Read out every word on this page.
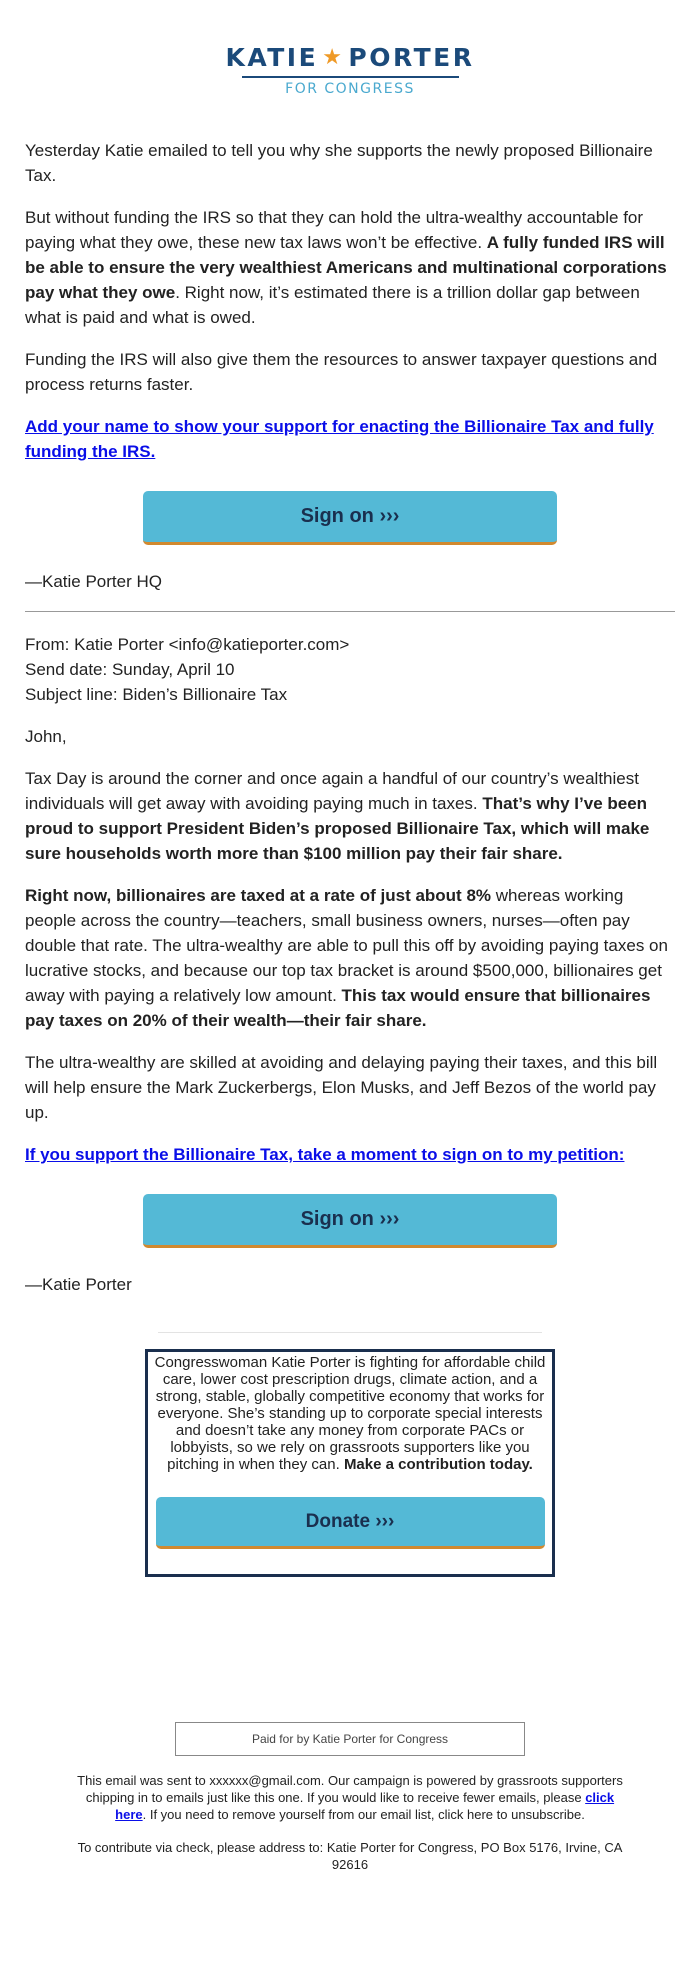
KATIE ★ PORTER
FOR CONGRESS

Yesterday Katie emailed to tell you why she supports the newly proposed Billionaire Tax.

But without funding the IRS so that they can hold the ultra-wealthy accountable for paying what they owe, these new tax laws won’t be effective. A fully funded IRS will be able to ensure the very wealthiest Americans and multinational corporations pay what they owe. Right now, it’s estimated there is a trillion dollar gap between what is paid and what is owed.

Funding the IRS will also give them the resources to answer taxpayer questions and process returns faster.

Add your name to show your support for enacting the Billionaire Tax and fully funding the IRS.

Sign on ›››

—Katie Porter HQ

From: Katie Porter <info@katieporter.com>

Send date: Sunday, April 10

Subject line: Biden’s Billionaire Tax

John,

Tax Day is around the corner and once again a handful of our country’s wealthiest individuals will get away with avoiding paying much in taxes. That’s why I’ve been proud to support President Biden’s proposed Billionaire Tax, which will make sure households worth more than $100 million pay their fair share.

Right now, billionaires are taxed at a rate of just about 8% whereas working people across the country—teachers, small business owners, nurses—often pay double that rate. The ultra-wealthy are able to pull this off by avoiding paying taxes on lucrative stocks, and because our top tax bracket is around $500,000, billionaires get away with paying a relatively low amount. This tax would ensure that billionaires pay taxes on 20% of their wealth—their fair share.

The ultra-wealthy are skilled at avoiding and delaying paying their taxes, and this bill will help ensure the Mark Zuckerbergs, Elon Musks, and Jeff Bezos of the world pay up.

If you support the Billionaire Tax, take a moment to sign on to my petition:

Sign on ›››

—Katie Porter

Congresswoman Katie Porter is fighting for affordable child care, lower cost prescription drugs, climate action, and a strong, stable, globally competitive economy that works for everyone. She’s standing up to corporate special interests and doesn’t take any money from corporate PACs or lobbyists, so we rely on grassroots supporters like you pitching in when they can. Make a contribution today.
Donate ›››
Paid for by Katie Porter for Congress
This email was sent to xxxxxx@gmail.com. Our campaign is powered by grassroots supporters chipping in to emails just like this one. If you would like to receive fewer emails, please click here. If you need to remove yourself from our email list, click here to unsubscribe.
To contribute via check, please address to: Katie Porter for Congress, PO Box 5176, Irvine, CA 92616
